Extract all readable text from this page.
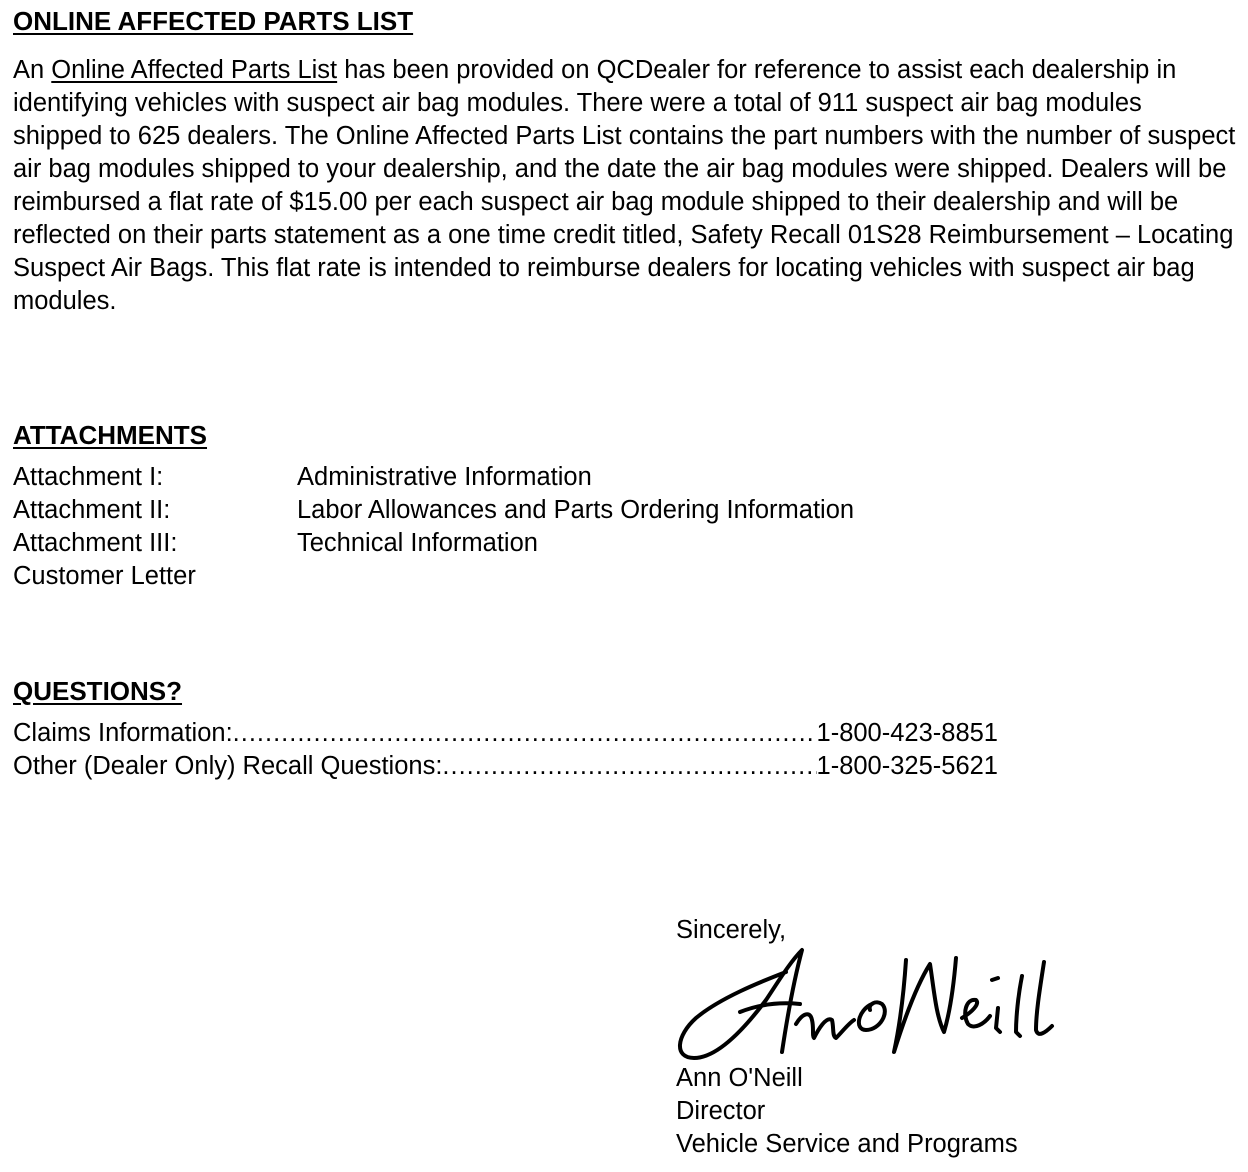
ONLINE AFFECTED PARTS LIST

An Online Affected Parts List has been provided on QCDealer for reference to assist each dealership in identifying vehicles with suspect air bag modules. There were a total of 911 suspect air bag modules shipped to 625 dealers. The Online Affected Parts List contains the part numbers with the number of suspect air bag modules shipped to your dealership, and the date the air bag modules were shipped. Dealers will be reimbursed a flat rate of $15.00 per each suspect air bag module shipped to their dealership and will be reflected on their parts statement as a one time credit titled, Safety Recall 01S28 Reimbursement – Locating Suspect Air Bags. This flat rate is intended to reimburse dealers for locating vehicles with suspect air bag modules.

ATTACHMENTS
Attachment I:	Administrative Information
Attachment II:	Labor Allowances and Parts Ordering Information
Attachment III:	Technical Information
Customer Letter
QUESTIONS?
Claims Information: .....	1-800-423-8851
Other (Dealer Only) Recall Questions: .....	1-800-325-5621
Sincerely,
Ann O'Neill
Director
Vehicle Service and Programs
